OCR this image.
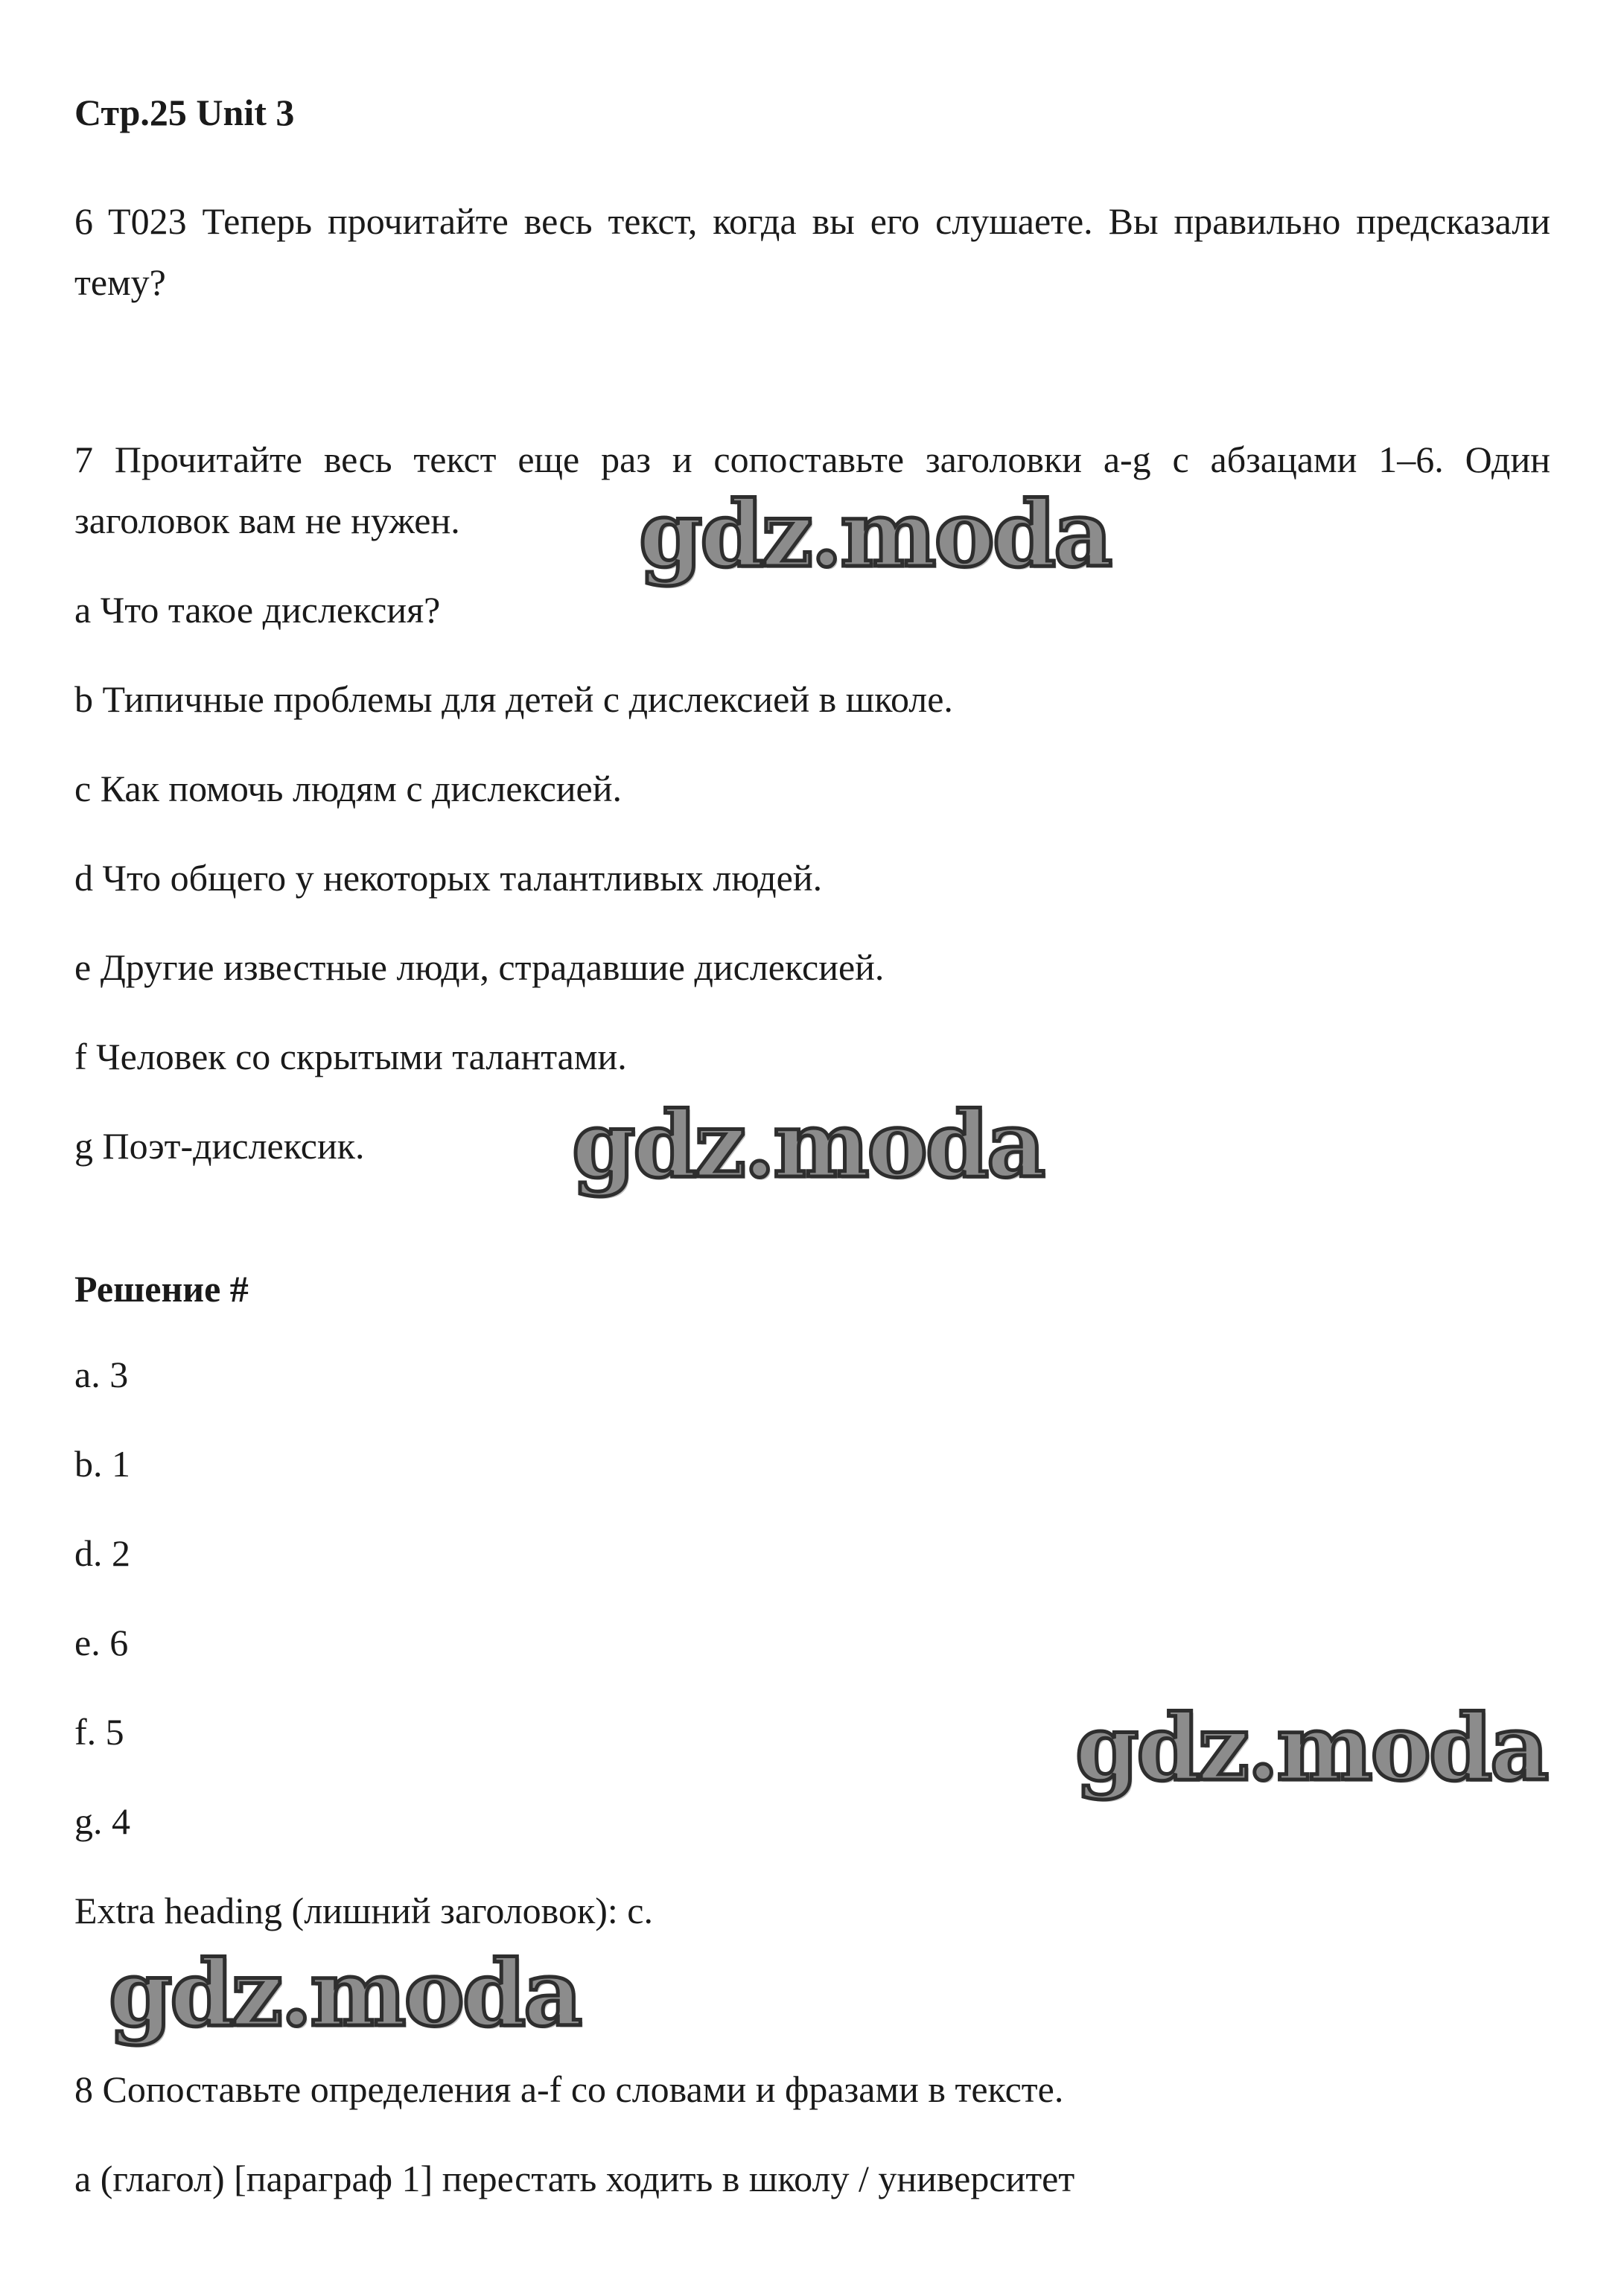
Стр.25 Unit 3

6 T023 Теперь прочитайте весь текст, когда вы его слушаете. Вы правильно предсказали тему?

7 Прочитайте весь текст еще раз и сопоставьте заголовки a-g с абзацами 1–6. Один заголовок вам не нужен.

a Что такое дислексия?

b Типичные проблемы для детей с дислексией в школе.

c Как помочь людям с дислексией.

d Что общего у некоторых талантливых людей.

e Другие известные люди, страдавшие дислексией.

f Человек со скрытыми талантами.

g Поэт-дислексик.

Решение #

a. 3

b. 1

d. 2

e. 6

f. 5

g. 4

Extra heading (лишний заголовок): c.

8 Сопоставьте определения a-f со словами и фразами в тексте.

a (глагол) [параграф 1] перестать ходить в школу / университет

gdz.moda
gdz.moda
gdz.moda
gdz.moda
